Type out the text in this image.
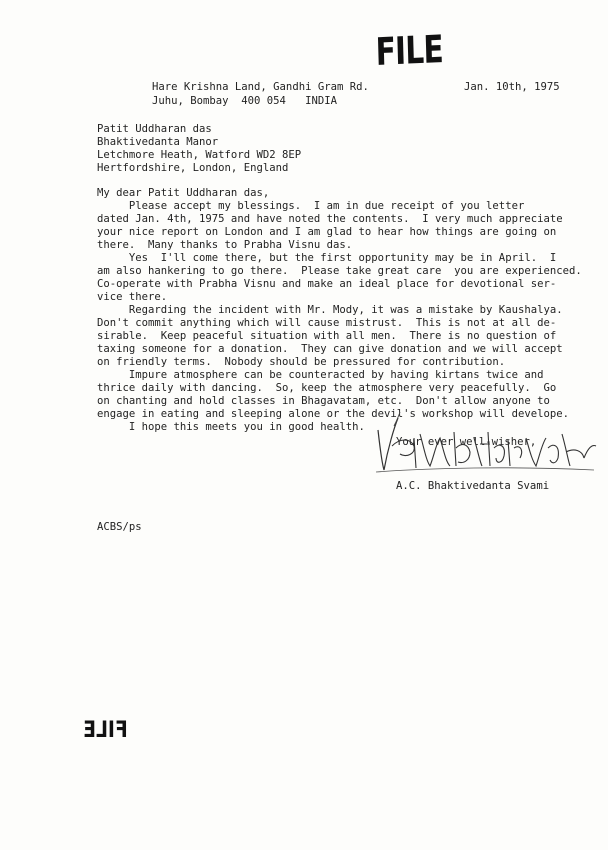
FILE
Hare Krishna Land, Gandhi Gram Rd.	Jan. 10th, 1975
Juhu, Bombay  400 054   INDIA
Patit Uddharan das
Bhaktivedanta Manor
Letchmore Heath, Watford WD2 8EP
Hertfordshire, London, England
My dear Patit Uddharan das,
Please accept my blessings.  I am in due receipt of you letter
dated Jan. 4th, 1975 and have noted the contents.  I very much appreciate
your nice report on London and I am glad to hear how things are going on
there.  Many thanks to Prabha Visnu das.
Yes  I'll come there, but the first opportunity may be in April.  I
am also hankering to go there.  Please take great care  you are experienced.
Co-operate with Prabha Visnu and make an ideal place for devotional ser-
vice there.
Regarding the incident with Mr. Mody, it was a mistake by Kaushalya.
Don't commit anything which will cause mistrust.  This is not at all de-
sirable.  Keep peaceful situation with all men.  There is no question of
taxing someone for a donation.  They can give donation and we will accept
on friendly terms.  Nobody should be pressured for contribution.
Impure atmosphere can be counteracted by having kirtans twice and
thrice daily with dancing.  So, keep the atmosphere very peacefully.  Go
on chanting and hold classes in Bhagavatam, etc.  Don't allow anyone to
engage in eating and sleeping alone or the devil's workshop will develope.
I hope this meets you in good health.
Your ever well-wisher,
A.C. Bhaktivedanta Svami
ACBS/ps
FILE
